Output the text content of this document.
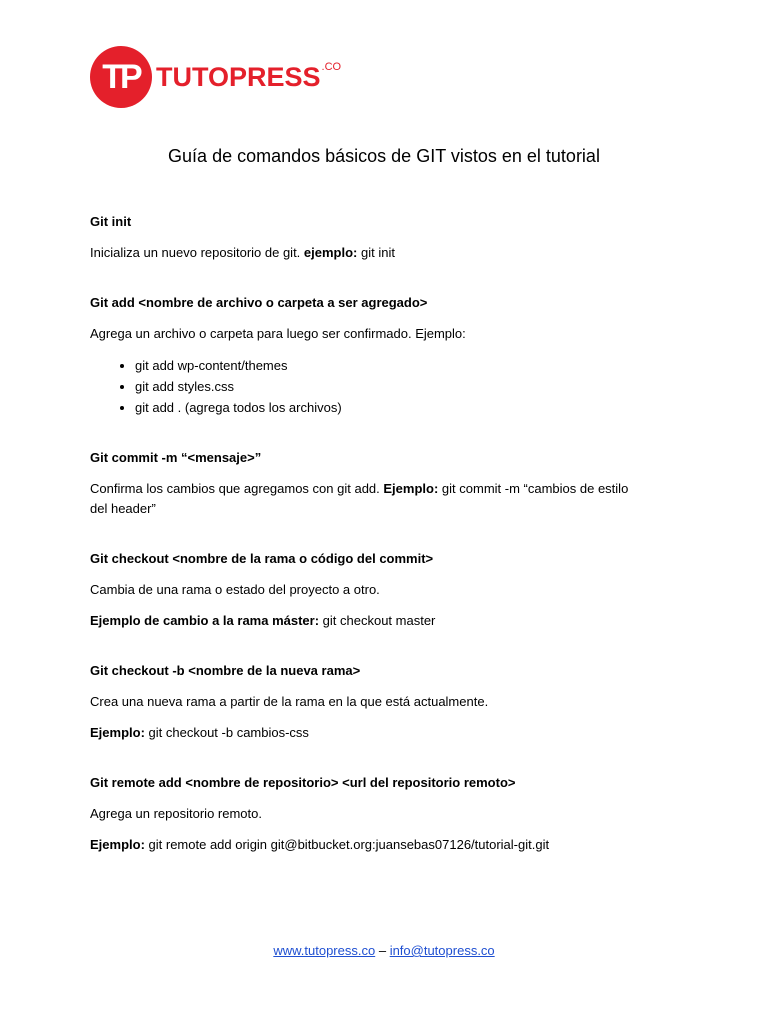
TP TUTOPRESS .CO
Guía de comandos básicos de GIT vistos en el tutorial

Git init

Inicializa un nuevo repositorio de git. ejemplo: git init

Git add <nombre de archivo o carpeta a ser agregado>

Agrega un archivo o carpeta para luego ser confirmado. Ejemplo:

• git add wp-content/themes
• git add styles.css
• git add . (agrega todos los archivos)

Git commit -m “<mensaje>”

Confirma los cambios que agregamos con git add. Ejemplo: git commit -m “cambios de estilo
del header”

Git checkout <nombre de la rama o código del commit>

Cambia de una rama o estado del proyecto a otro.

Ejemplo de cambio a la rama máster: git checkout master

Git checkout -b <nombre de la nueva rama>

Crea una nueva rama a partir de la rama en la que está actualmente.

Ejemplo: git checkout -b cambios-css

Git remote add <nombre de repositorio> <url del repositorio remoto>

Agrega un repositorio remoto.

Ejemplo: git remote add origin git@bitbucket.org:juansebas07126/tutorial-git.git

www.tutopress.co – info@tutopress.co
